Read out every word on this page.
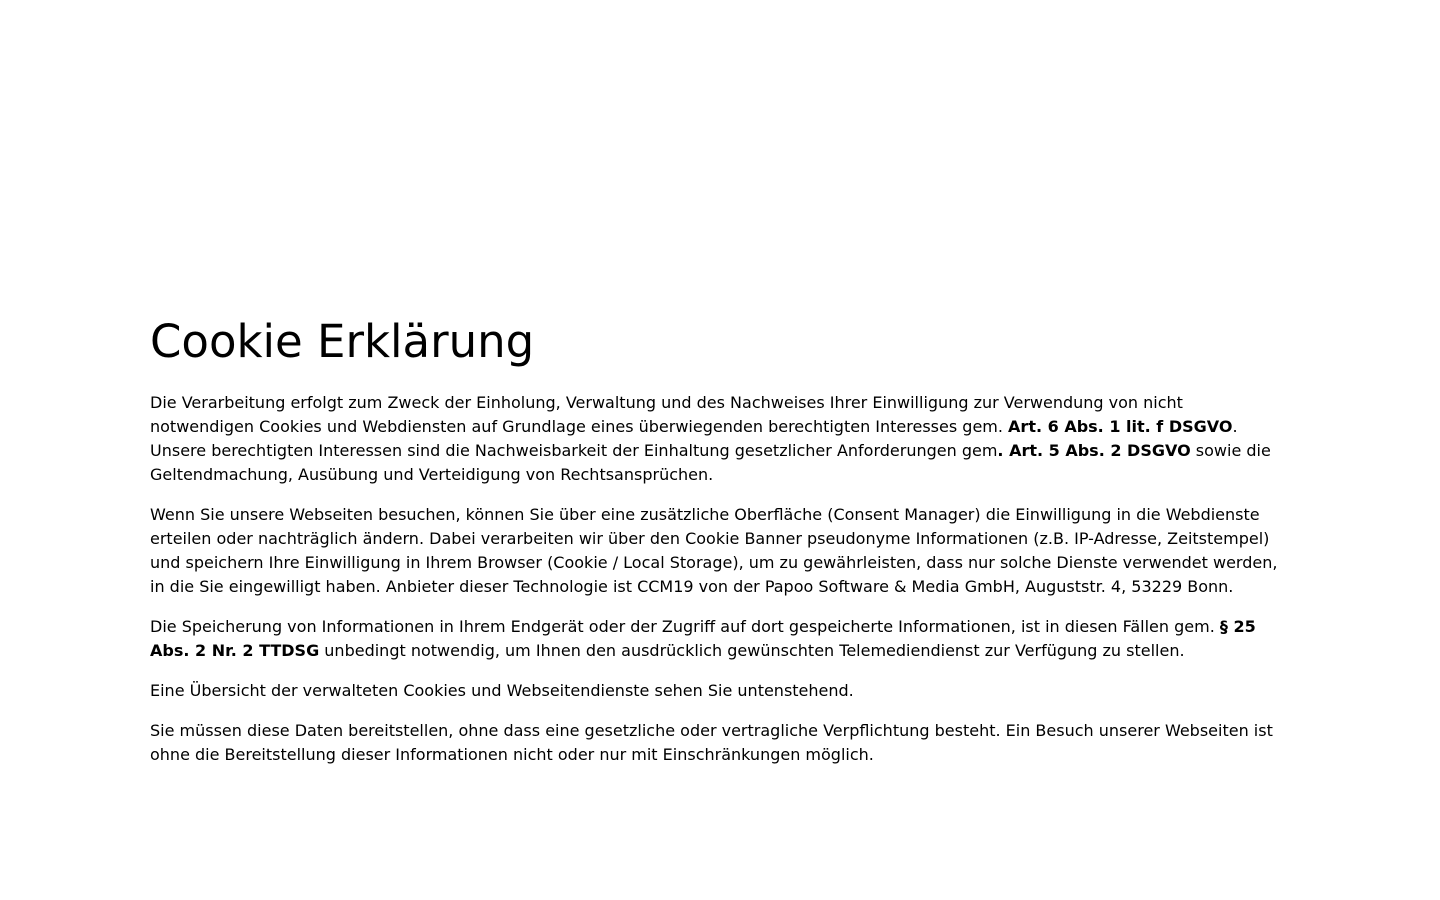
Cookie Erklärung

Die Verarbeitung erfolgt zum Zweck der Einholung, Verwaltung und des Nachweises Ihrer Einwilligung zur Verwendung von nicht notwendigen Cookies und Webdiensten auf Grundlage eines überwiegenden berechtigten Interesses gem. Art. 6 Abs. 1 lit. f DSGVO. Unsere berechtigten Interessen sind die Nachweisbarkeit der Einhaltung gesetzlicher Anforderungen gem. Art. 5 Abs. 2 DSGVO sowie die Geltendmachung, Ausübung und Verteidigung von Rechtsansprüchen.

Wenn Sie unsere Webseiten besuchen, können Sie über eine zusätzliche Oberfläche (Consent Manager) die Einwilligung in die Webdienste erteilen oder nachträglich ändern. Dabei verarbeiten wir über den Cookie Banner pseudonyme Informationen (z.B. IP-Adresse, Zeitstempel) und speichern Ihre Einwilligung in Ihrem Browser (Cookie / Local Storage), um zu gewährleisten, dass nur solche Dienste verwendet werden, in die Sie eingewilligt haben. Anbieter dieser Technologie ist CCM19 von der Papoo Software & Media GmbH, Auguststr. 4, 53229 Bonn.

Die Speicherung von Informationen in Ihrem Endgerät oder der Zugriff auf dort gespeicherte Informationen, ist in diesen Fällen gem. § 25 Abs. 2 Nr. 2 TTDSG unbedingt notwendig, um Ihnen den ausdrücklich gewünschten Telemediendienst zur Verfügung zu stellen.

Eine Übersicht der verwalteten Cookies und Webseitendienste sehen Sie untenstehend.

Sie müssen diese Daten bereitstellen, ohne dass eine gesetzliche oder vertragliche Verpflichtung besteht. Ein Besuch unserer Webseiten ist ohne die Bereitstellung dieser Informationen nicht oder nur mit Einschränkungen möglich.
